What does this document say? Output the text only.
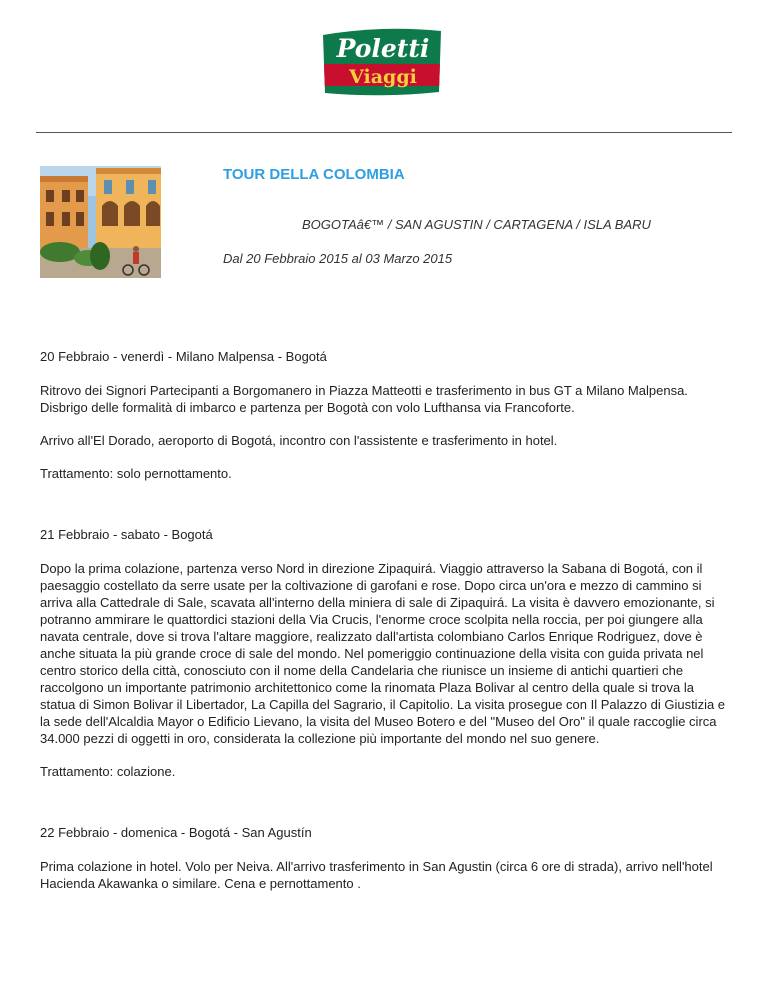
Poletti
Viaggi
TOUR DELLA COLOMBIA
BOGOTAâ€™ / SAN AGUSTIN / CARTAGENA / ISLA BARU
Dal 20 Febbraio 2015 al 03 Marzo 2015

20 Febbraio - venerdì - Milano Malpensa - Bogotá

Ritrovo dei Signori Partecipanti a Borgomanero in Piazza Matteotti e trasferimento in bus GT a Milano Malpensa. Disbrigo delle formalità di imbarco e partenza per Bogotà con volo Lufthansa via Francoforte.

Arrivo all'El Dorado, aeroporto di Bogotá, incontro con l'assistente e trasferimento in hotel.

Trattamento: solo pernottamento.

21 Febbraio - sabato - Bogotá

Dopo la prima colazione, partenza verso Nord in direzione Zipaquirá. Viaggio attraverso la Sabana di Bogotá, con il paesaggio costellato da serre usate per la coltivazione di garofani e rose. Dopo circa un'ora e mezzo di cammino si arriva alla Cattedrale di Sale, scavata all'interno della miniera di sale di Zipaquirá. La visita è davvero emozionante, si potranno ammirare le quattordici stazioni della Via Crucis, l'enorme croce scolpita nella roccia, per poi giungere alla navata centrale, dove si trova l'altare maggiore, realizzato dall'artista colombiano Carlos Enrique Rodriguez, dove è anche situata la più grande croce di sale del mondo. Nel pomeriggio continuazione della visita con guida privata nel centro storico della città, conosciuto con il nome della Candelaria che riunisce un insieme di antichi quartieri che raccolgono un importante patrimonio architettonico come la rinomata Plaza Bolivar al centro della quale si trova la statua di Simon Bolivar il Libertador, La Capilla del Sagrario, il Capitolio. La visita prosegue con Il Palazzo di Giustizia e la sede dell'Alcaldia Mayor o Edificio Lievano, la visita del Museo Botero e del "Museo del Oro" il quale raccoglie circa 34.000 pezzi di oggetti in oro, considerata la collezione più importante del mondo nel suo genere.

Trattamento: colazione.

22 Febbraio - domenica - Bogotá - San Agustín

Prima colazione in hotel. Volo per Neiva. All'arrivo trasferimento in San Agustin (circa 6 ore di strada), arrivo nell'hotel Hacienda Akawanka o similare. Cena e pernottamento .
